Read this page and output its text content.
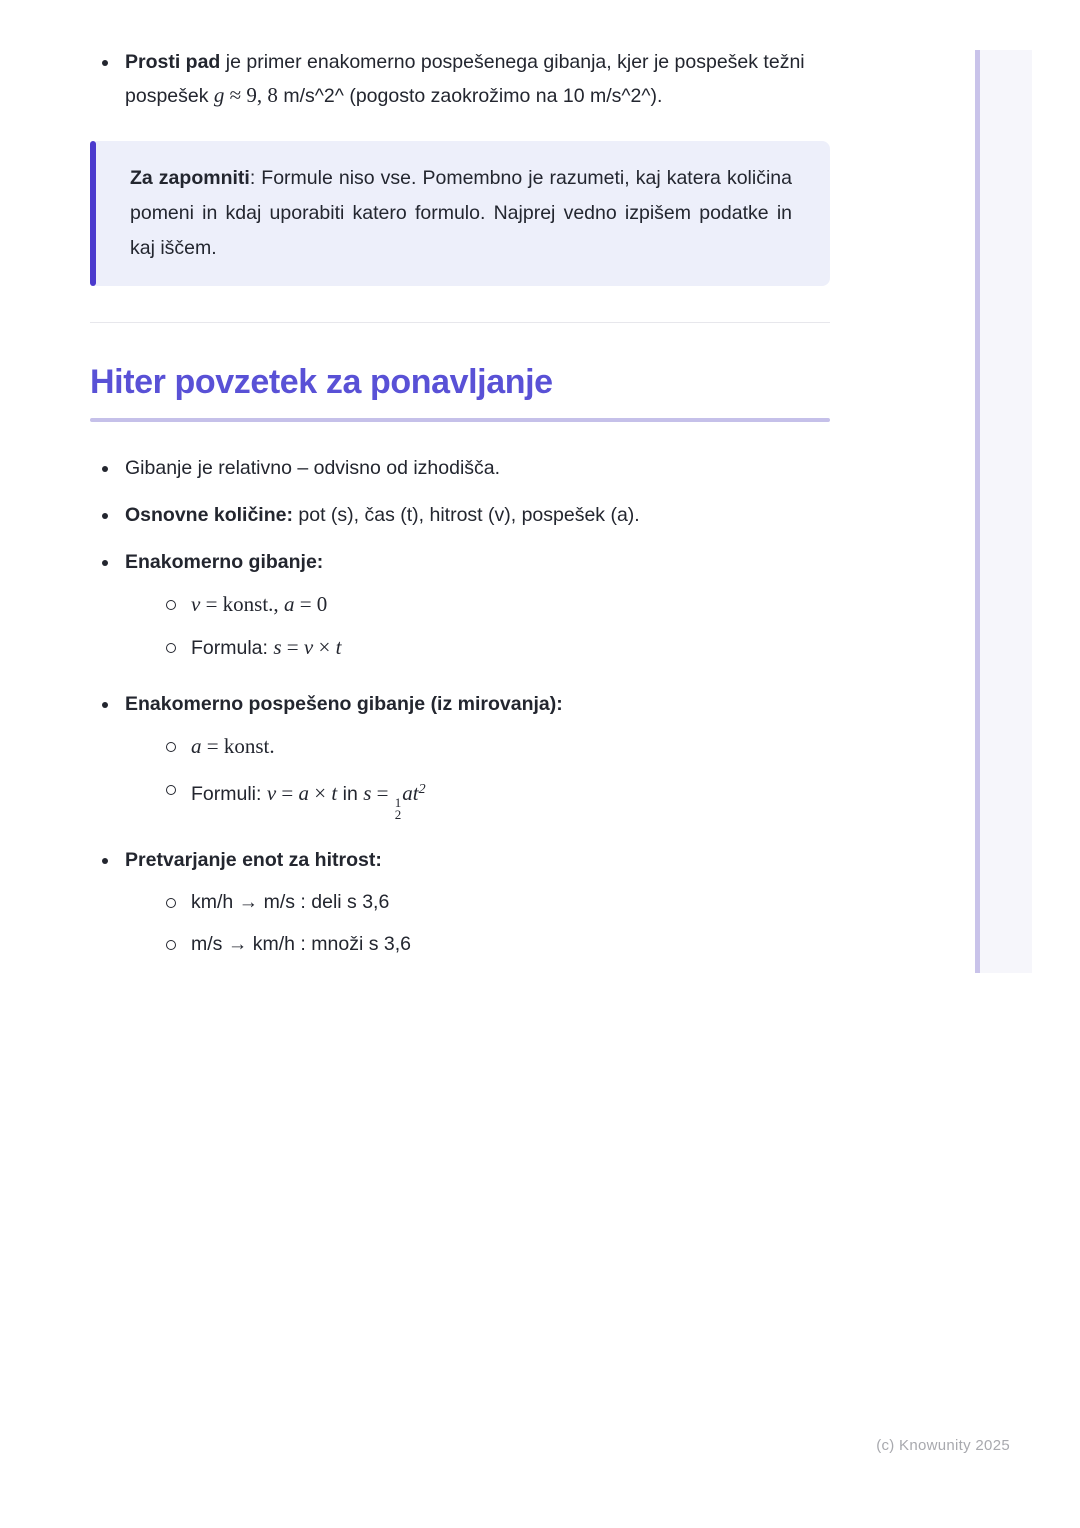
Prosti pad je primer enakomerno pospešenega gibanja, kjer je pospešek težni pospešek g ≈ 9, 8 m/s^2^ (pogosto zaokrožimo na 10 m/s^2^).

Za zapomniti: Formule niso vse. Pomembno je razumeti, kaj katera količina pomeni in kdaj uporabiti katero formulo. Najprej vedno izpišem podatke in kaj iščem.

Hiter povzetek za ponavljanje

Gibanje je relativno – odvisno od izhodišča.

Osnovne količine: pot (s), čas (t), hitrost (v), pospešek (a).

Enakomerno gibanje:

v = konst., a = 0

Formula: s = v × t

Enakomerno pospešeno gibanje (iz mirovanja):

a = konst.

Formuli: v = a × t in s = 1
2
$at^2$

Pretvarjanje enot za hitrost:

km/h → m/s : deli s 3,6

m/s → km/h : množi s 3,6

(c) Knowunity 2025
